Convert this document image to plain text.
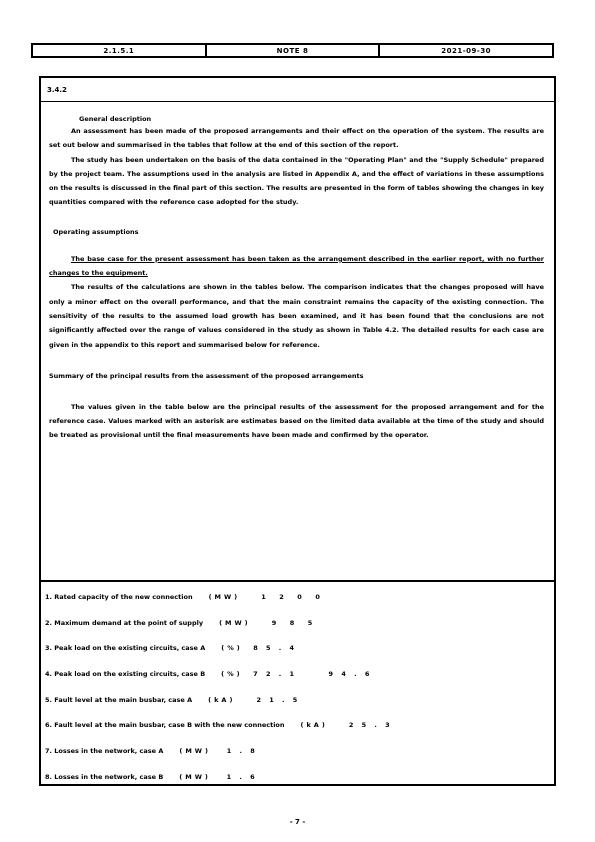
2.1.5.1	NOTE 8	2021-09-30
3.4.2
General description

An assessment has been made of the proposed arrangements and their effect on the operation of the system. The results are set out below and summarised in the tables that follow at the end of this section of the report.

The study has been undertaken on the basis of the data contained in the "Operating Plan" and the "Supply Schedule" prepared by the project team. The assumptions used in the analysis are listed in Appendix A, and the effect of variations in these assumptions on the results is discussed in the final part of this section. The results are presented in the form of tables showing the changes in key quantities compared with the reference case adopted for the study.

Operating assumptions

The base case for the present assessment has been taken as the arrangement described in the earlier report, with no further changes to the equipment.

The results of the calculations are shown in the tables below. The comparison indicates that the changes proposed will have only a minor effect on the overall performance, and that the main constraint remains the capacity of the existing connection. The sensitivity of the results to the assumed load growth has been examined, and it has been found that the conclusions are not significantly affected over the range of values considered in the study as shown in Table 4.2. The detailed results for each case are given in the appendix to this report and summarised below for reference.

Summary of the principal results from the assessment of the proposed arrangements

The values given in the table below are the principal results of the assessment for the proposed arrangement and for the reference case. Values marked with an asterisk are estimates based on the limited data available at the time of the study and should be treated as provisional until the final measurements have been made and confirmed by the operator.

1. Rated capacity of the new connection (MW)    1  2  0  0
2. Maximum demand at the point of supply (MW)    9  8  5
3. Peak load on the existing circuits, case A (%)  8 5 . 4
4. Peak load on the existing circuits, case B (%)  7 2 . 1      9 4 . 6
5. Fault level at the main busbar, case A (kA)    2 1 . 5
6. Fault level at the main busbar, case B with the new connection (kA)    2 5 . 3
7. Losses in the network, case A (MW)   1 . 8
8. Losses in the network, case B (MW)   1 . 6
- 7 -
